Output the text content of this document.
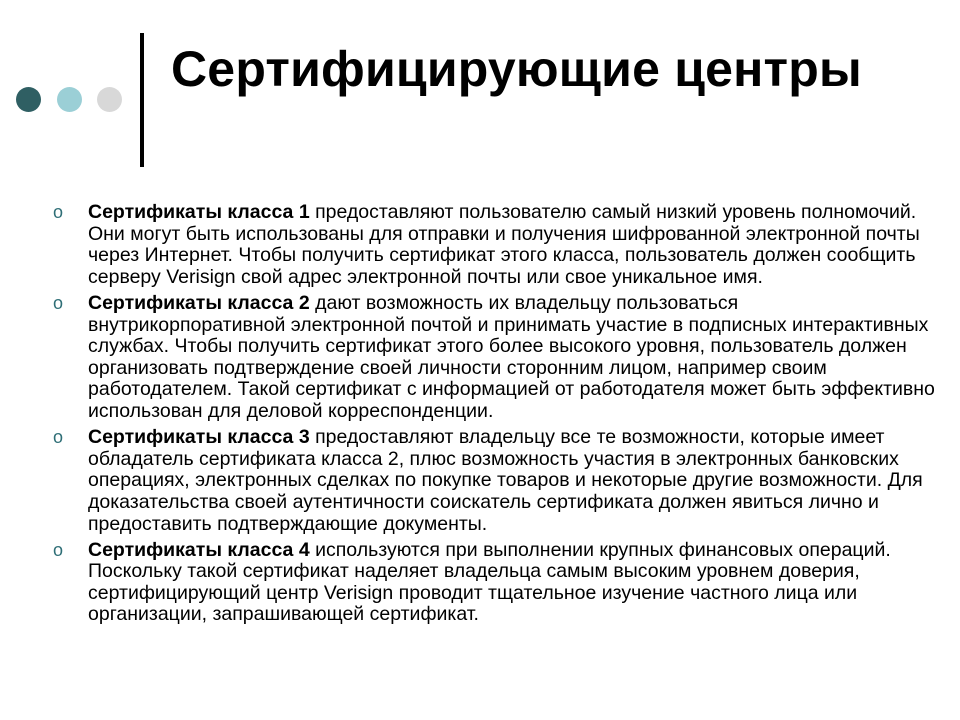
Сертифицирующие центры
o Сертификаты класса 1 предоставляют пользователю самый низкий уровень полномочий. Они могут быть использованы для отправки и получения шифрованной электронной почты через Интернет. Чтобы получить сертификат этого класса, пользователь должен сообщить серверу Verisign свой адрес электронной почты или свое уникальное имя.
o Сертификаты класса 2 дают возможность их владельцу пользоваться внутрикорпоративной электронной почтой и принимать участие в подписных интерактивных службах. Чтобы получить сертификат этого более высокого уровня, пользователь должен организовать подтверждение своей личности сторонним лицом, например своим работодателем. Такой сертификат с информацией от работодателя может быть эффективно использован для деловой корреспонденции.
o Сертификаты класса 3 предоставляют владельцу все те возможности, которые имеет обладатель сертификата класса 2, плюс возможность участия в электронных банковских операциях, электронных сделках по покупке товаров и некоторые другие возможности. Для доказательства своей аутентичности соискатель сертификата должен явиться лично и предоставить подтверждающие документы.
o Сертификаты класса 4 используются при выполнении крупных финансовых операций. Поскольку такой сертификат наделяет владельца самым высоким уровнем доверия, сертифицирующий центр Verisign проводит тщательное изучение частного лица или организации, запрашивающей сертификат.
